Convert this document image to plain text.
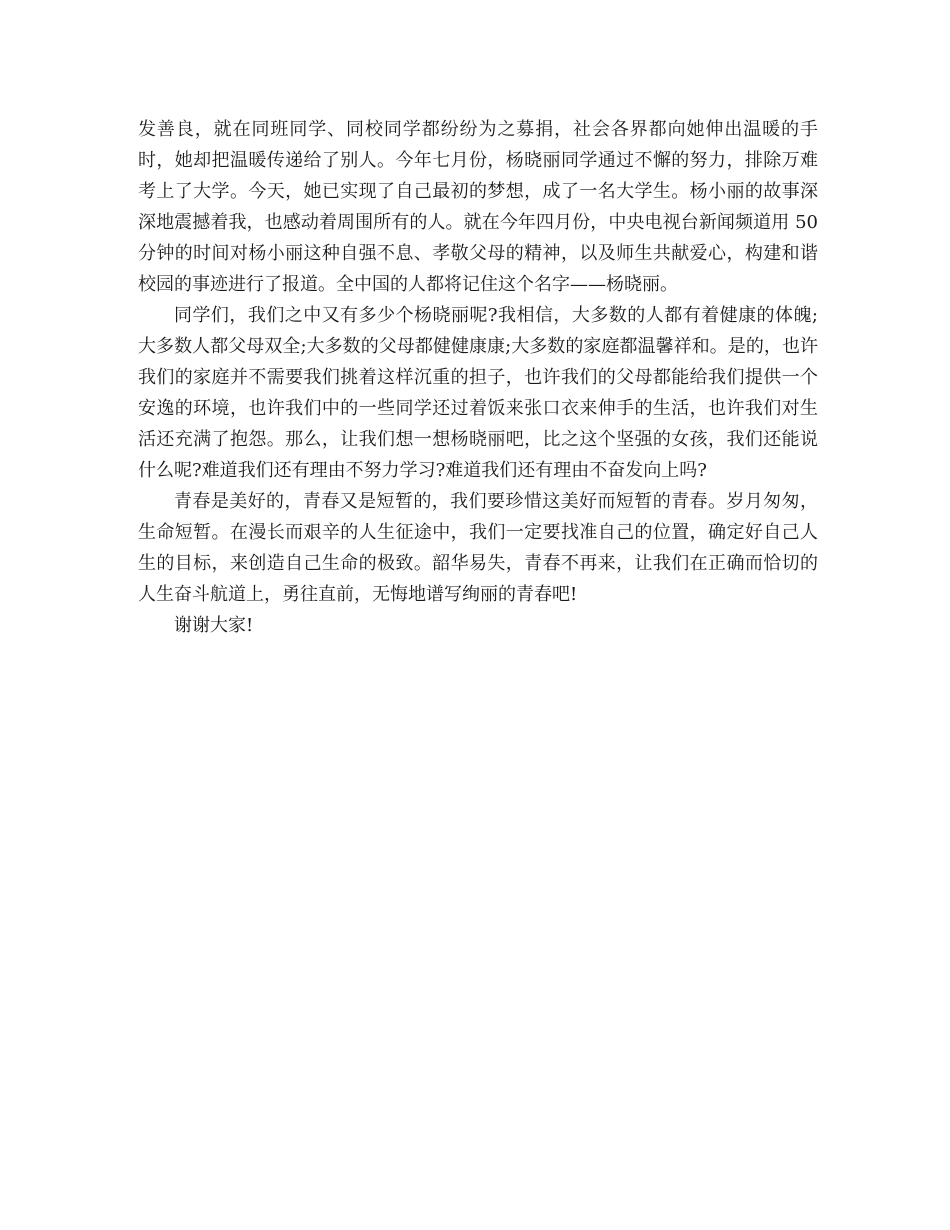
发善良，就在同班同学、同校同学都纷纷为之募捐，社会各界都向她伸出温暖的手时，她却把温暖传递给了别人。今年七月份，杨晓丽同学通过不懈的努力，排除万难考上了大学。今天，她已实现了自己最初的梦想，成了一名大学生。杨小丽的故事深深地震撼着我，也感动着周围所有的人。就在今年四月份，中央电视台新闻频道用 50 分钟的时间对杨小丽这种自强不息、孝敬父母的精神，以及师生共献爱心，构建和谐校园的事迹进行了报道。全中国的人都将记住这个名字——杨晓丽。

同学们，我们之中又有多少个杨晓丽呢?我相信，大多数的人都有着健康的体魄;大多数人都父母双全;大多数的父母都健健康康;大多数的家庭都温馨祥和。是的，也许我们的家庭并不需要我们挑着这样沉重的担子，也许我们的父母都能给我们提供一个安逸的环境，也许我们中的一些同学还过着饭来张口衣来伸手的生活，也许我们对生活还充满了抱怨。那么，让我们想一想杨晓丽吧，比之这个坚强的女孩，我们还能说什么呢?难道我们还有理由不努力学习?难道我们还有理由不奋发向上吗?

青春是美好的，青春又是短暂的，我们要珍惜这美好而短暂的青春。岁月匆匆，生命短暂。在漫长而艰辛的人生征途中，我们一定要找准自己的位置，确定好自己人生的目标，来创造自己生命的极致。韶华易失，青春不再来，让我们在正确而恰切的人生奋斗航道上，勇往直前，无悔地谱写绚丽的青春吧!

谢谢大家!
